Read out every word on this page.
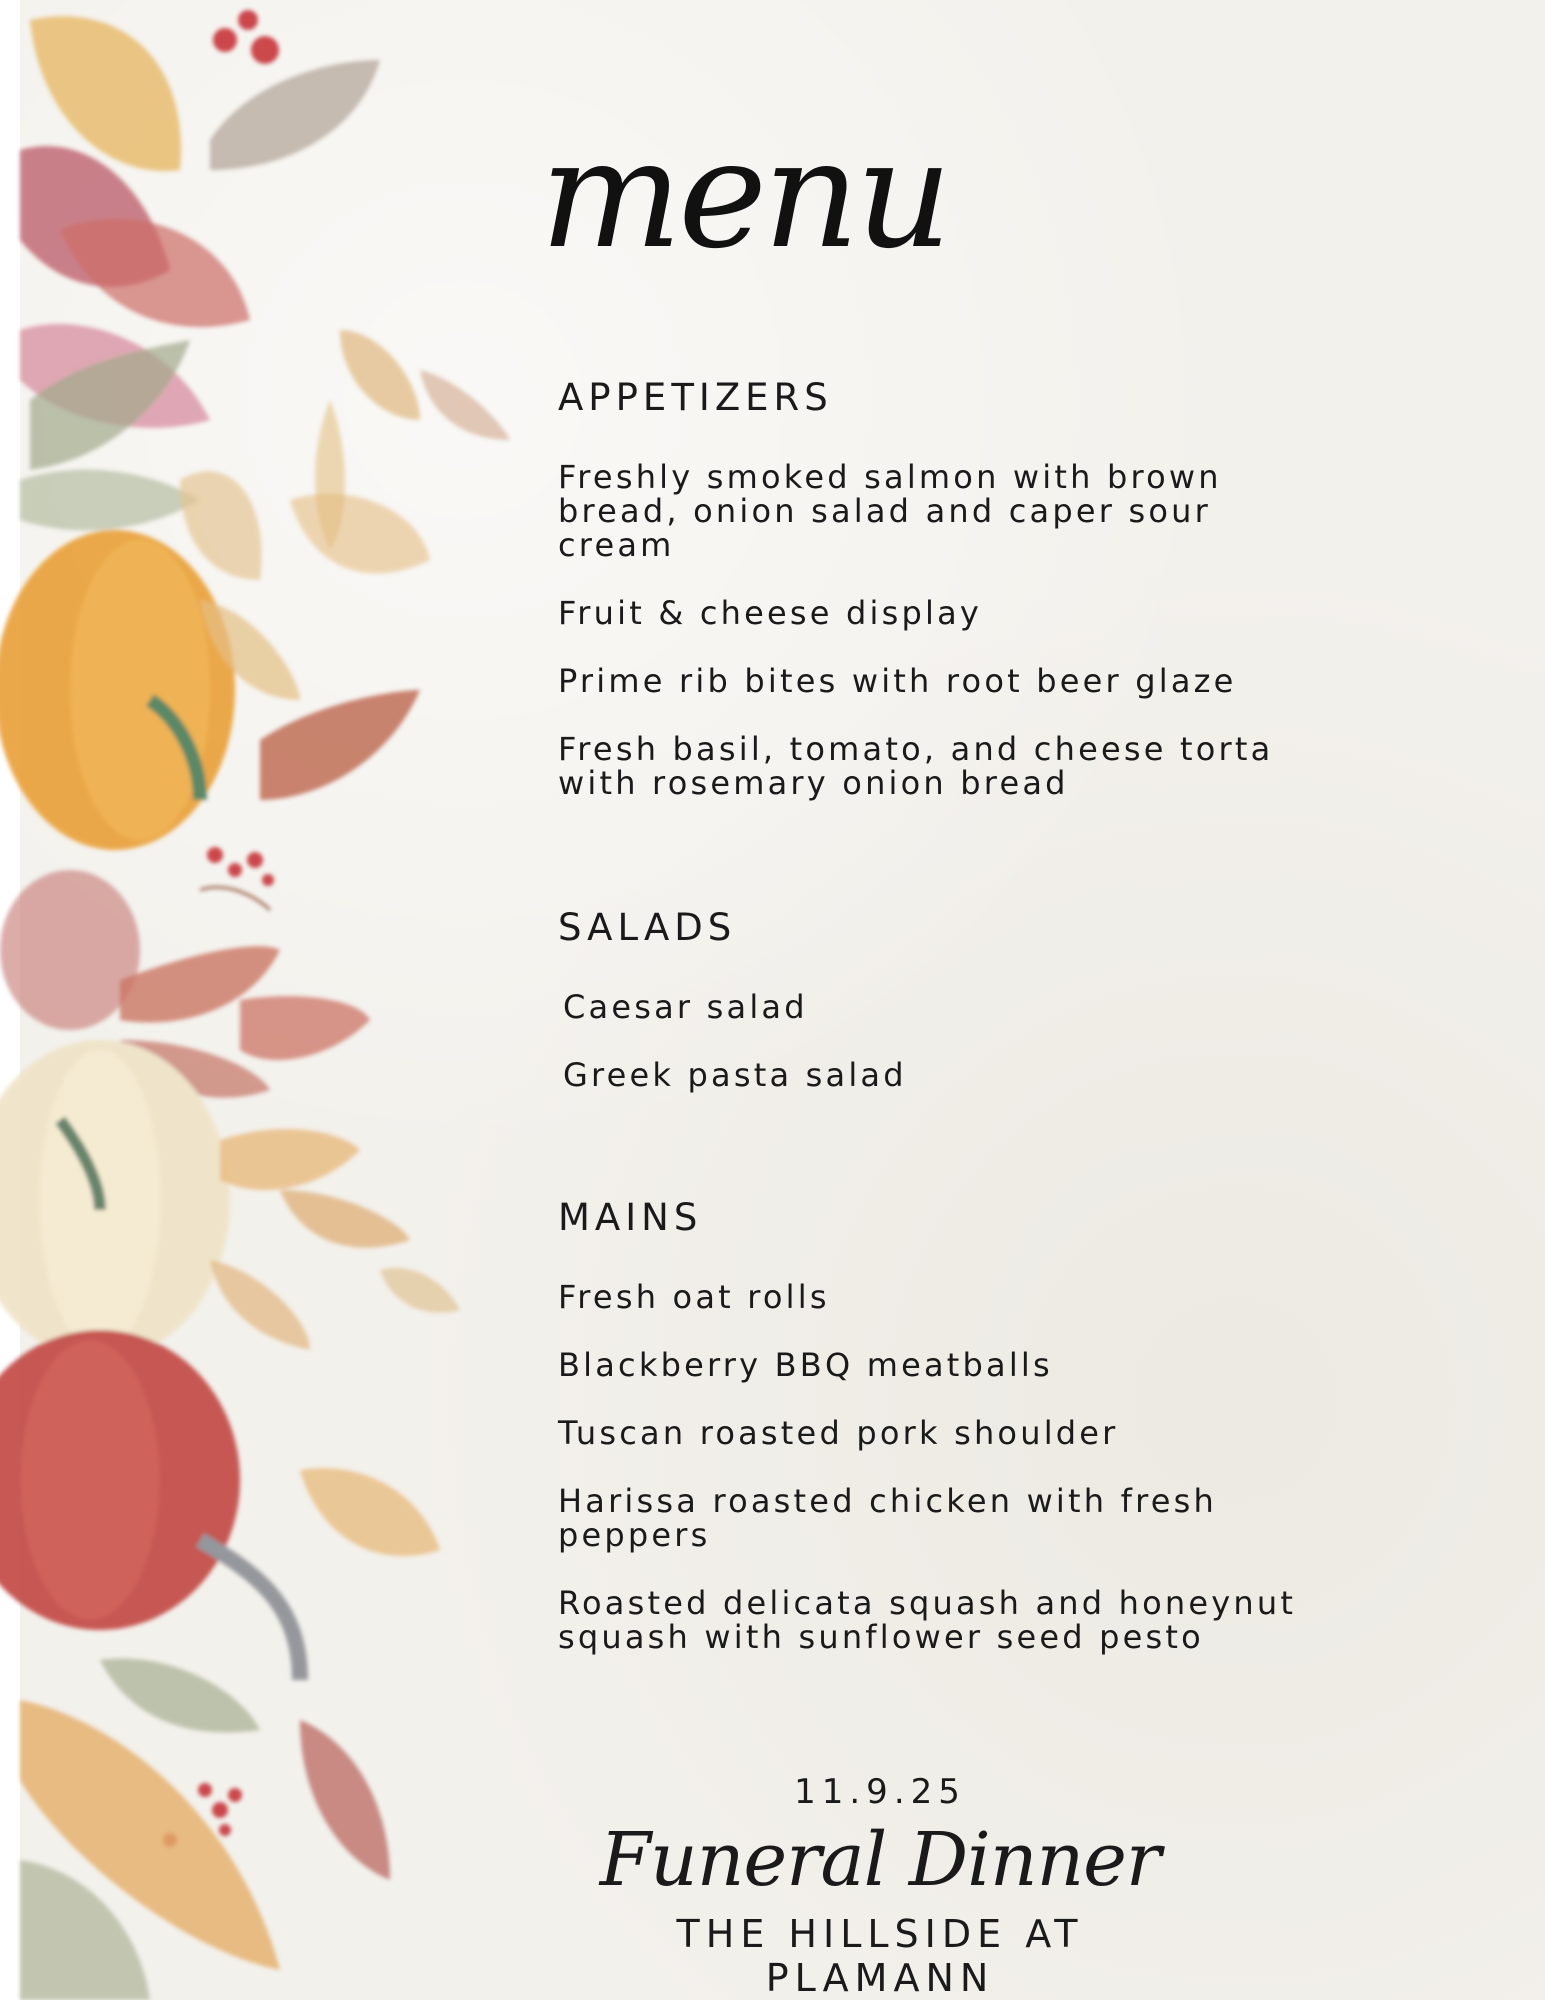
menu
APPETIZERS

Freshly smoked salmon with brown bread, onion salad and caper sour cream

Fruit & cheese display

Prime rib bites with root beer glaze

Fresh basil, tomato, and cheese torta with rosemary onion bread

SALADS

Caesar salad

Greek pasta salad

MAINS

Fresh oat rolls

Blackberry BBQ meatballs

Tuscan roasted pork shoulder

Harissa roasted chicken with fresh peppers

Roasted delicata squash and honeynut squash with sunflower seed pesto

11.9.25

Funeral Dinner

THE HILLSIDE AT PLAMANN
